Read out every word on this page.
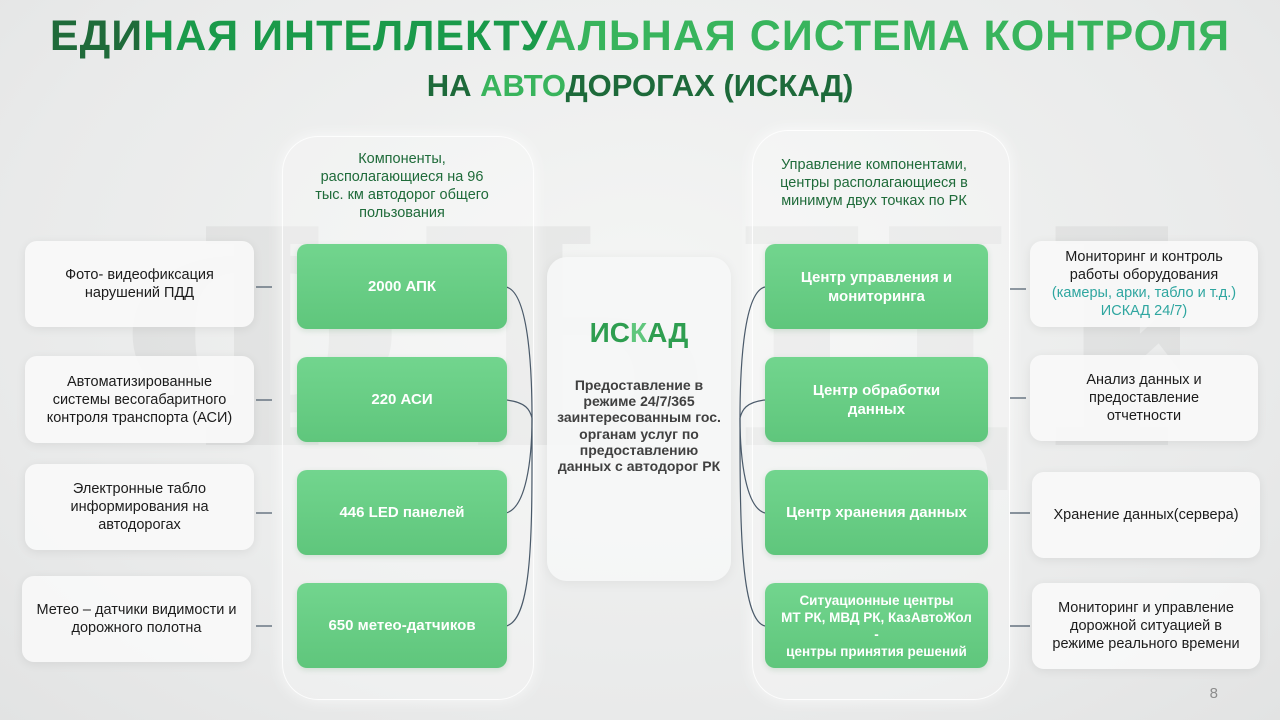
ЕДИНАЯ ИНТЕЛЛЕКТУАЛЬНАЯ СИСТЕМА КОНТРОЛЯ
НА АВТОДОРОГАХ (ИСКАД)
Компоненты, располагающиеся на 96 тыс. км автодорог общего пользования
Управление компонентами, центры располагающиеся в минимум двух точках по РК
Фото- видеофиксация нарушений ПДД
Автоматизированные системы весогабаритного контроля транспорта (АСИ)
Электронные табло информирования на автодорогах
Метео – датчики видимости и дорожного полотна
2000 АПК
220 АСИ
446 LED панелей
650 метео-датчиков
ИСКАД
Предоставление в режиме 24/7/365 заинтересованным гос. органам услуг по предоставлению данных с автодорог РК
Центр управления и мониторинга
Центр обработки данных
Центр хранения данных
Ситуационные центры
МТ РК, МВД РК, КазАвтоЖол
-
центры принятия решений
Мониторинг и контроль работы оборудования
(камеры, арки, табло и т.д.) ИСКАД 24/7)
Анализ данных и предоставление отчетности
Хранение данных(сервера)
Мониторинг и управление дорожной ситуацией в режиме реального времени
8
